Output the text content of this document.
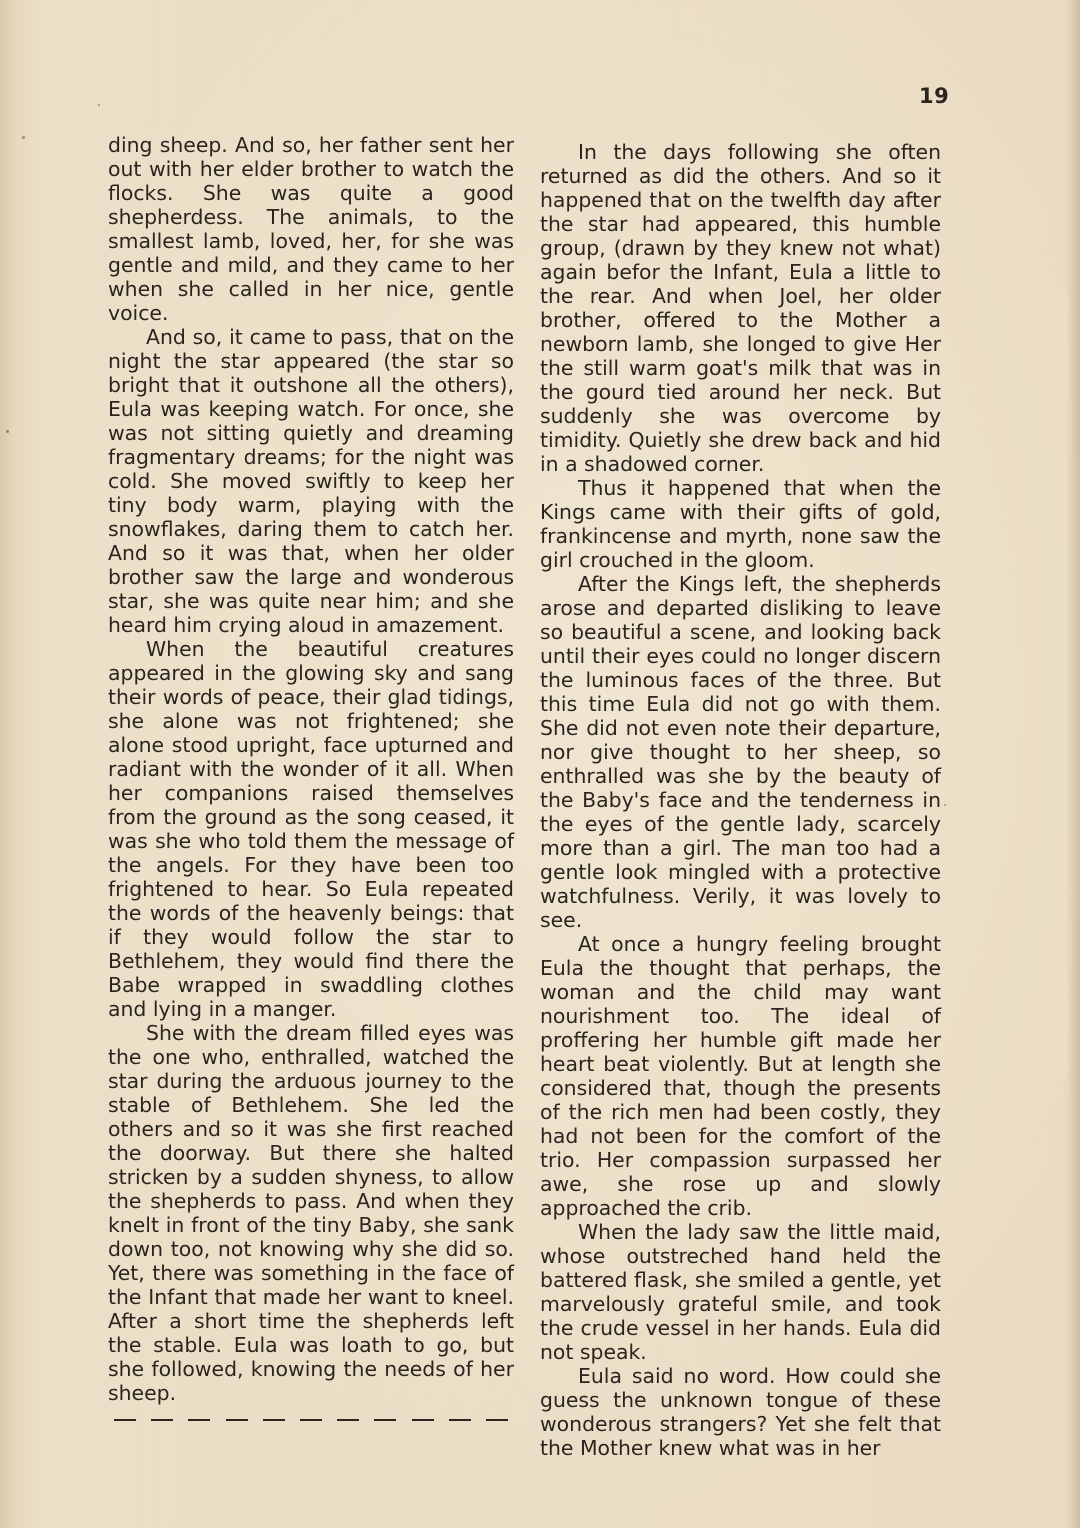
19

ding sheep. And so, her father sent her out with her elder brother to watch the flocks. She was quite a good shepherdess. The animals, to the smallest lamb, loved, her, for she was gentle and mild, and they came to her when she called in her nice, gentle voice.

And so, it came to pass, that on the night the star appeared (the star so bright that it outshone all the others), Eula was keeping watch. For once, she was not sitting quietly and dreaming fragmentary dreams; for the night was cold. She moved swiftly to keep her tiny body warm, playing with the snowflakes, daring them to catch her. And so it was that, when her older brother saw the large and wonderous star, she was quite near him; and she heard him crying aloud in amazement.

When the beautiful creatures appeared in the glowing sky and sang their words of peace, their glad tidings, she alone was not frightened; she alone stood upright, face upturned and radiant with the wonder of it all. When her companions raised themselves from the ground as the song ceased, it was she who told them the message of the angels. For they have been too frightened to hear. So Eula repeated the words of the heavenly beings: that if they would follow the star to Bethlehem, they would find there the Babe wrapped in swaddling clothes and lying in a manger.

She with the dream filled eyes was the one who, enthralled, watched the star during the arduous journey to the stable of Bethlehem. She led the others and so it was she first reached the doorway. But there she halted stricken by a sudden shyness, to allow the shepherds to pass. And when they knelt in front of the tiny Baby, she sank down too, not knowing why she did so. Yet, there was something in the face of the Infant that made her want to kneel. After a short time the shepherds left the stable. Eula was loath to go, but she followed, knowing the needs of her sheep.

In the days following she often returned as did the others. And so it happened that on the twelfth day after the star had appeared, this humble group, (drawn by they knew not what) again befor the Infant, Eula a little to the rear. And when Joel, her older brother, offered to the Mother a newborn lamb, she longed to give Her the still warm goat's milk that was in the gourd tied around her neck. But suddenly she was overcome by timidity. Quietly she drew back and hid in a shadowed corner.

Thus it happened that when the Kings came with their gifts of gold, frankincense and myrth, none saw the girl crouched in the gloom.

After the Kings left, the shepherds arose and departed disliking to leave so beautiful a scene, and looking back until their eyes could no longer discern the luminous faces of the three. But this time Eula did not go with them. She did not even note their departure, nor give thought to her sheep, so enthralled was she by the beauty of the Baby's face and the tenderness in the eyes of the gentle lady, scarcely more than a girl. The man too had a gentle look mingled with a protective watchfulness. Verily, it was lovely to see.

At once a hungry feeling brought Eula the thought that perhaps, the woman and the child may want nourishment too. The ideal of proffering her humble gift made her heart beat violently. But at length she considered that, though the presents of the rich men had been costly, they had not been for the comfort of the trio. Her compassion surpassed her awe, she rose up and slowly approached the crib.

When the lady saw the little maid, whose outstreched hand held the battered flask, she smiled a gentle, yet marvelously grateful smile, and took the crude vessel in her hands. Eula did not speak.

Eula said no word. How could she guess the unknown tongue of these wonderous strangers? Yet she felt that the Mother knew what was in her
